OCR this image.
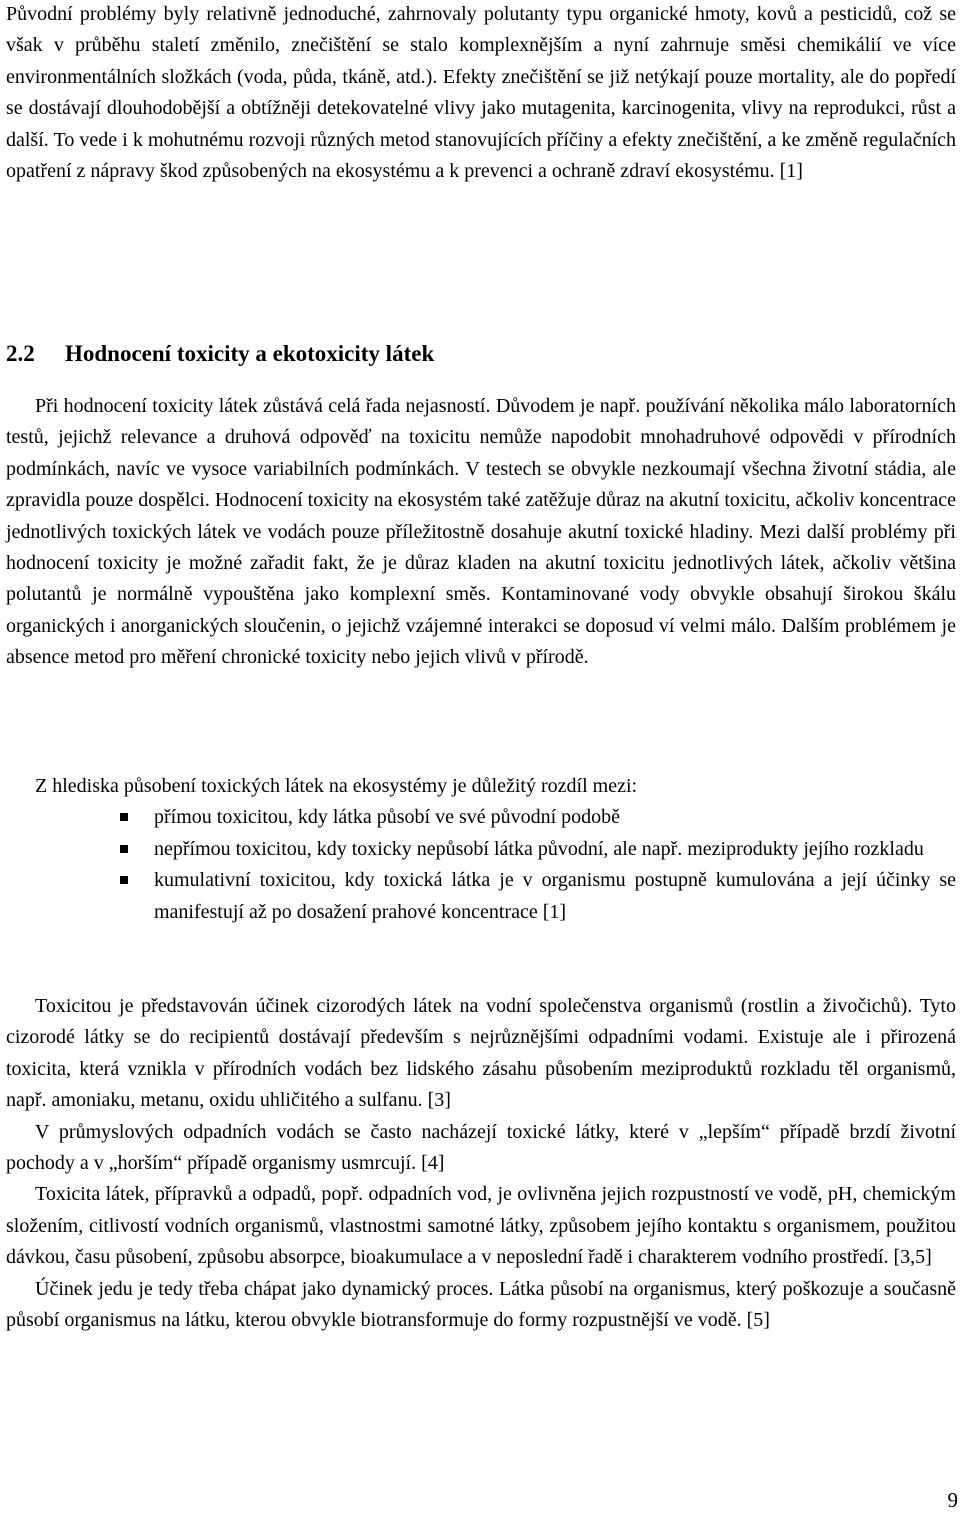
Původní problémy byly relativně jednoduché, zahrnovaly polutanty typu organické hmoty, kovů a pesticidů, což se však v průběhu staletí změnilo, znečištění se stalo komplexnějším a nyní zahrnuje směsi chemikálií ve více environmentálních složkách (voda, půda, tkáně, atd.). Efekty znečištění se již netýkají pouze mortality, ale do popředí se dostávají dlouhodobější a obtížněji detekovatelné vlivy jako mutagenita, karcinogenita, vlivy na reprodukci, růst a další. To vede i k mohutnému rozvoji různých metod stanovujících příčiny a efekty znečištění, a ke změně regulačních opatření z nápravy škod způsobených na ekosystému a k prevenci a ochraně zdraví ekosystému. [1]

2.2 Hodnocení toxicity a ekotoxicity látek

Při hodnocení toxicity látek zůstává celá řada nejasností. Důvodem je např. používání několika málo laboratorních testů, jejichž relevance a druhová odpověď na toxicitu nemůže napodobit mnohadruhové odpovědi v přírodních podmínkách, navíc ve vysoce variabilních podmínkách. V testech se obvykle nezkoumají všechna životní stádia, ale zpravidla pouze dospělci. Hodnocení toxicity na ekosystém také zatěžuje důraz na akutní toxicitu, ačkoliv koncentrace jednotlivých toxických látek ve vodách pouze příležitostně dosahuje akutní toxické hladiny. Mezi další problémy při hodnocení toxicity je možné zařadit fakt, že je důraz kladen na akutní toxicitu jednotlivých látek, ačkoliv většina polutantů je normálně vypouštěna jako komplexní směs. Kontaminované vody obvykle obsahují širokou škálu organických i anorganických sloučenin, o jejichž vzájemné interakci se doposud ví velmi málo. Dalším problémem je absence metod pro měření chronické toxicity nebo jejich vlivů v přírodě.

Z hlediska působení toxických látek na ekosystémy je důležitý rozdíl mezi:

přímou toxicitou, kdy látka působí ve své původní podobě
nepřímou toxicitou, kdy toxicky nepůsobí látka původní, ale např. meziprodukty jejího rozkladu
kumulativní toxicitou, kdy toxická látka je v organismu postupně kumulována a její účinky se manifestují až po dosažení prahové koncentrace [1]

Toxicitou je představován účinek cizorodých látek na vodní společenstva organismů (rostlin a živočichů). Tyto cizorodé látky se do recipientů dostávají především s nejrůznějšími odpadními vodami. Existuje ale i přirozená toxicita, která vznikla v přírodních vodách bez lidského zásahu působením meziproduktů rozkladu těl organismů, např. amoniaku, metanu, oxidu uhličitého a sulfanu. [3]

V průmyslových odpadních vodách se často nacházejí toxické látky, které v „lepším“ případě brzdí životní pochody a v „horším“ případě organismy usmrcují. [4]

Toxicita látek, přípravků a odpadů, popř. odpadních vod, je ovlivněna jejich rozpustností ve vodě, pH, chemickým složením, citlivostí vodních organismů, vlastnostmi samotné látky, způsobem jejího kontaktu s organismem, použitou dávkou, času působení, způsobu absorpce, bioakumulace a v neposlední řadě i charakterem vodního prostředí. [3,5]

Účinek jedu je tedy třeba chápat jako dynamický proces. Látka působí na organismus, který poškozuje a současně působí organismus na látku, kterou obvykle biotransformuje do formy rozpustnější ve vodě. [5]

9
